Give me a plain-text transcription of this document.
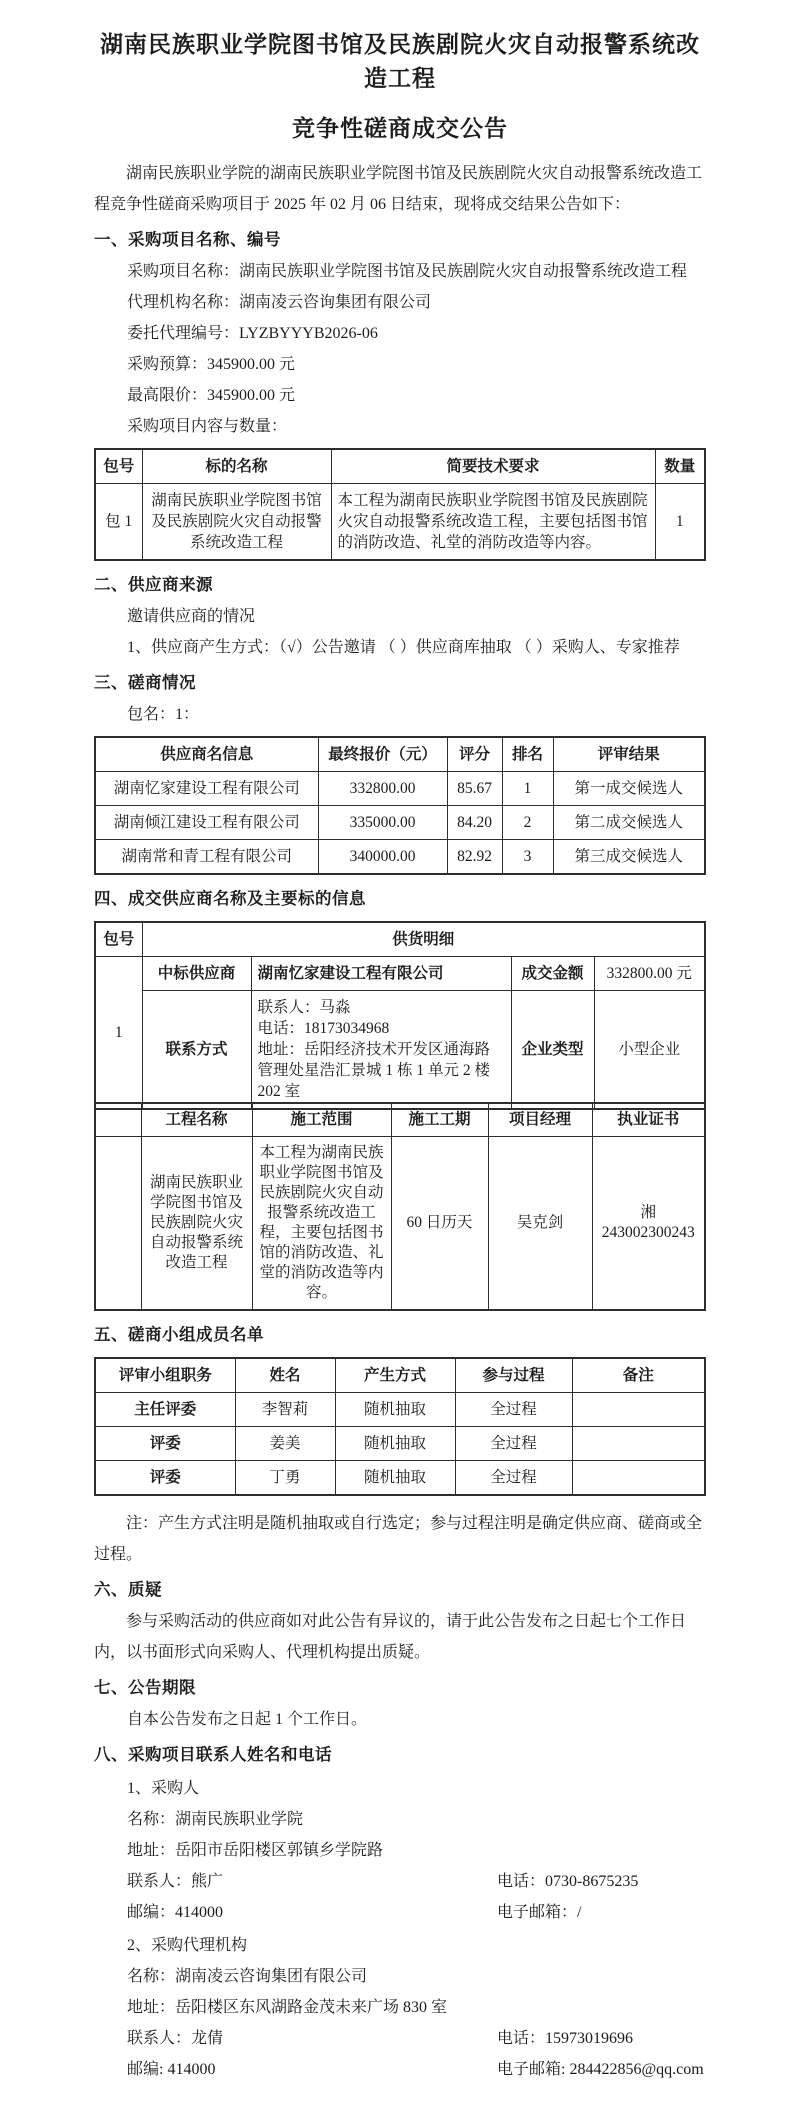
湖南民族职业学院图书馆及民族剧院火灾自动报警系统改造工程
竞争性磋商成交公告

湖南民族职业学院的湖南民族职业学院图书馆及民族剧院火灾自动报警系统改造工程竞争性磋商采购项目于 2025 年 02 月 06 日结束，现将成交结果公告如下：

一、采购项目名称、编号
采购项目名称：湖南民族职业学院图书馆及民族剧院火灾自动报警系统改造工程
代理机构名称：湖南凌云咨询集团有限公司
委托代理编号：LYZBYYYB2026-06
采购预算：345900.00 元
最高限价：345900.00 元
采购项目内容与数量：
包号	标的名称	简要技术要求	数量
包 1	湖南民族职业学院图书馆及民族剧院火灾自动报警系统改造工程	本工程为湖南民族职业学院图书馆及民族剧院火灾自动报警系统改造工程，主要包括图书馆的消防改造、礼堂的消防改造等内容。	1
二、供应商来源
邀请供应商的情况
1、供应商产生方式：（√）公告邀请 （ ）供应商库抽取 （ ）采购人、专家推荐
三、磋商情况
包名：1：
供应商名信息	最终报价（元）	评分	排名	评审结果
湖南忆家建设工程有限公司	332800.00	85.67	1	第一成交候选人
湖南倾江建设工程有限公司	335000.00	84.20	2	第二成交候选人
湖南常和青工程有限公司	340000.00	82.92	3	第三成交候选人
四、成交供应商名称及主要标的信息
包号	供货明细			
1	中标供应商	湖南忆家建设工程有限公司	成交金额	332800.00 元
	联系方式	联系人：马淼
电话：18173034968
地址：岳阳经济技术开发区通海路管理处星浩汇景城 1 栋 1 单元 2 楼 202 室	企业类型	小型企业
	工程名称	施工范围	施工工期	项目经理	执业证书
	湖南民族职业学院图书馆及民族剧院火灾自动报警系统改造工程	本工程为湖南民族职业学院图书馆及民族剧院火灾自动报警系统改造工程，主要包括图书馆的消防改造、礼堂的消防改造等内容。	60 日历天	吴克剑	湘243002300243
五、磋商小组成员名单
评审小组职务	姓名	产生方式	参与过程	备注
主任评委	李智莉	随机抽取	全过程	
评委	姜美	随机抽取	全过程	
评委	丁勇	随机抽取	全过程	

注：产生方式注明是随机抽取或自行选定；参与过程注明是确定供应商、磋商或全过程。

六、质疑

参与采购活动的供应商如对此公告有异议的，请于此公告发布之日起七个工作日内，以书面形式向采购人、代理机构提出质疑。

七、公告期限
自本公告发布之日起 1 个工作日。
八、采购项目联系人姓名和电话
1、采购人
名称：湖南民族职业学院
地址：岳阳市岳阳楼区郭镇乡学院路
联系人：熊广	电话：0730-8675235
邮编：414000	电子邮箱：/
2、采购代理机构
名称：湖南凌云咨询集团有限公司
地址：岳阳楼区东风湖路金茂未来广场 830 室
联系人：龙倩	电话：15973019696
邮编: 414000	电子邮箱: 284422856@qq.com
